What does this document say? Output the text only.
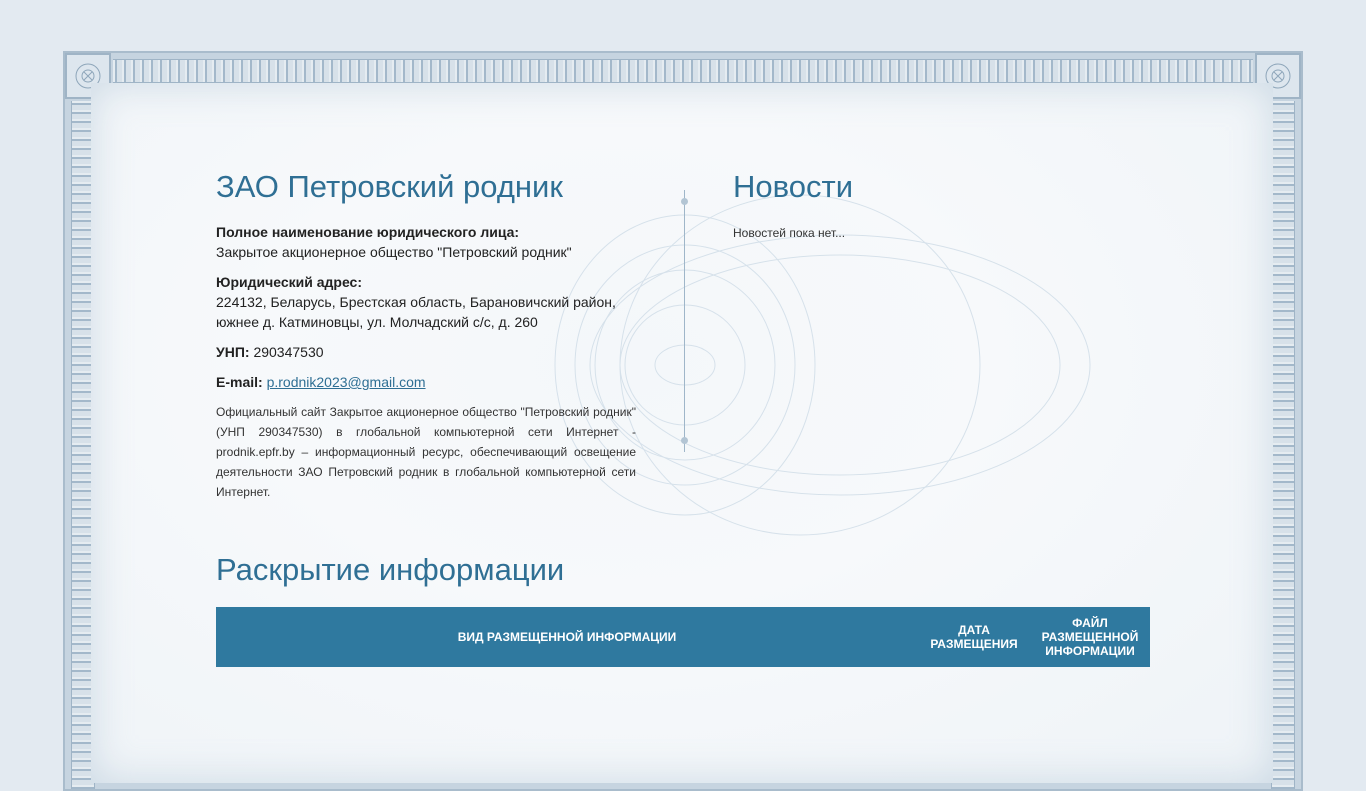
ЗАО Петровский родник
Полное наименование юридического лица:
Закрытое акционерное общество "Петровский родник"
Юридический адрес:
224132, Беларусь, Брестская область, Барановичский район,
южнее д. Катминовцы, ул. Молчадский с/с, д. 260
УНП: 290347530
E-mail: p.rodnik2023@gmail.com
Официальный сайт Закрытое акционерное общество "Петровский родник" (УНП 290347530) в глобальной компьютерной сети Интернет - prodnik.epfr.by – информационный ресурс, обеспечивающий освещение деятельности ЗАО Петровский родник в глобальной компьютерной сети Интернет.
Новости
Новостей пока нет...
Раскрытие информации
ВИД РАЗМЕЩЕННОЙ ИНФОРМАЦИИ	ДАТА РАЗМЕЩЕНИЯ
ФАЙЛ РАЗМЕЩЕННОЙ ИНФОРМАЦИИ
